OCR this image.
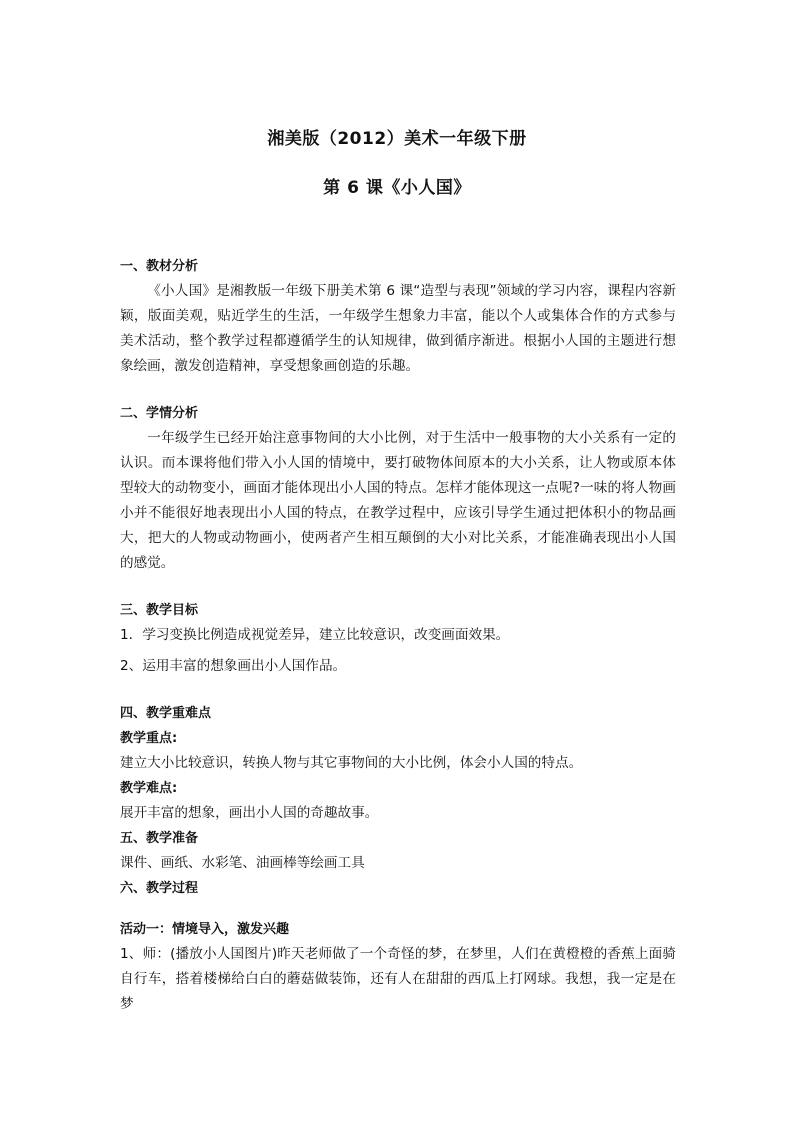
湘美版（2012）美术一年级下册
第 6 课《小人国》

一、教材分析

《小人国》是湘教版一年级下册美术第 6 课“造型与表现”领域的学习内容，课程内容新颖，版面美观，贴近学生的生活，一年级学生想象力丰富，能以个人或集体合作的方式参与美术活动，整个教学过程都遵循学生的认知规律，做到循序渐进。根据小人国的主题进行想象绘画，激发创造精神，享受想象画创造的乐趣。

二、学情分析

一年级学生已经开始注意事物间的大小比例，对于生活中一般事物的大小关系有一定的认识。而本课将他们带入小人国的情境中，要打破物体间原本的大小关系，让人物或原本体型较大的动物变小，画面才能体现出小人国的特点。怎样才能体现这一点呢?一味的将人物画小并不能很好地表现出小人国的特点，在教学过程中，应该引导学生通过把体积小的物品画大，把大的人物或动物画小，使两者产生相互颠倒的大小对比关系，才能准确表现出小人国的感觉。

三、教学目标

1．学习变换比例造成视觉差异，建立比较意识，改变画面效果。

2、运用丰富的想象画出小人国作品。

四、教学重难点

教学重点:

建立大小比较意识，转换人物与其它事物间的大小比例，体会小人国的特点。

教学难点:

展开丰富的想象，画出小人国的奇趣故事。

五、教学准备

课件、画纸、水彩笔、油画棒等绘画工具

六、教学过程

活动一：情境导入，激发兴趣

1、师：(播放小人国图片)昨天老师做了一个奇怪的梦，在梦里，人们在黄橙橙的香蕉上面骑自行车，搭着楼梯给白白的蘑菇做装饰，还有人在甜甜的西瓜上打网球。我想，我一定是在梦
